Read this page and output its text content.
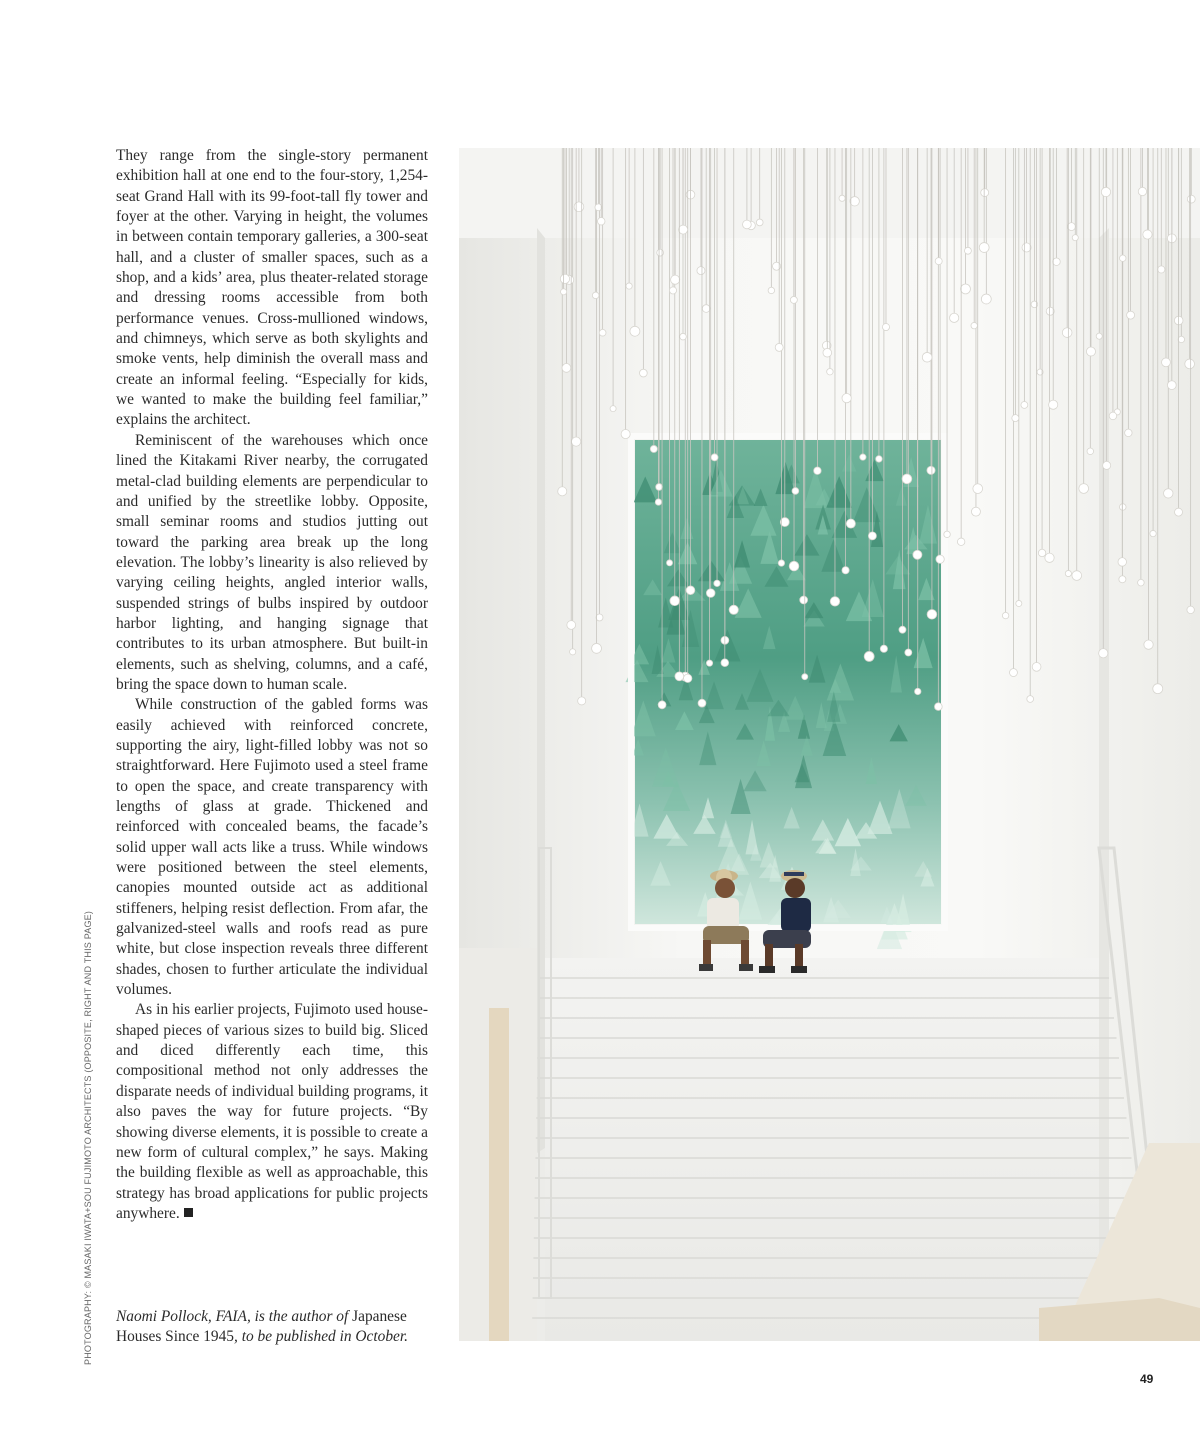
PHOTOGRAPHY: © MASAKI IWATA+SOU FUJIMOTO ARCHITECTS (OPPOSITE, RIGHT AND THIS PAGE)

They range from the single-story permanent exhibition hall at one end to the four-story, 1,254-seat Grand Hall with its 99-foot-tall fly tower and foyer at the other. Varying in height, the volumes in between contain temporary galleries, a 300-seat hall, and a cluster of smaller spaces, such as a shop, and a kids’ area, plus theater-related storage and dressing rooms accessible from both performance venues. Cross-mullioned windows, and chimneys, which serve as both skylights and smoke vents, help diminish the overall mass and create an informal feeling. “Especially for kids, we wanted to make the building feel familiar,” explains the architect.

Reminiscent of the warehouses which once lined the Kitakami River nearby, the corrugated metal-clad building elements are perpendicular to and unified by the streetlike lobby. Opposite, small seminar rooms and studios jutting out toward the parking area break up the long elevation. The lobby’s linearity is also relieved by varying ceiling heights, angled interior walls, suspended strings of bulbs inspired by outdoor harbor lighting, and hanging signage that contributes to its urban atmosphere. But built-in elements, such as shelving, columns, and a café, bring the space down to human scale.

While construction of the gabled forms was easily achieved with reinforced concrete, supporting the airy, light-filled lobby was not so straightforward. Here Fujimoto used a steel frame to open the space, and create transparency with lengths of glass at grade. Thickened and reinforced with concealed beams, the facade’s solid upper wall acts like a truss. While windows were positioned between the steel elements, canopies mounted outside act as additional stiffeners, helping resist deflection. From afar, the galvanized-steel walls and roofs read as pure white, but close inspection reveals three different shades, chosen to further articulate the individual volumes.

As in his earlier projects, Fujimoto used house-shaped pieces of various sizes to build big. Sliced and diced differently each time, this compositional method not only addresses the disparate needs of individual building programs, it also paves the way for future projects. “By showing diverse elements, it is possible to create a new form of cultural complex,” he says. Making the building flexible as well as approachable, this strategy has broad applications for public projects anywhere.

Naomi Pollock, FAIA, is the author of Japanese Houses Since 1945, to be published in October.
49
